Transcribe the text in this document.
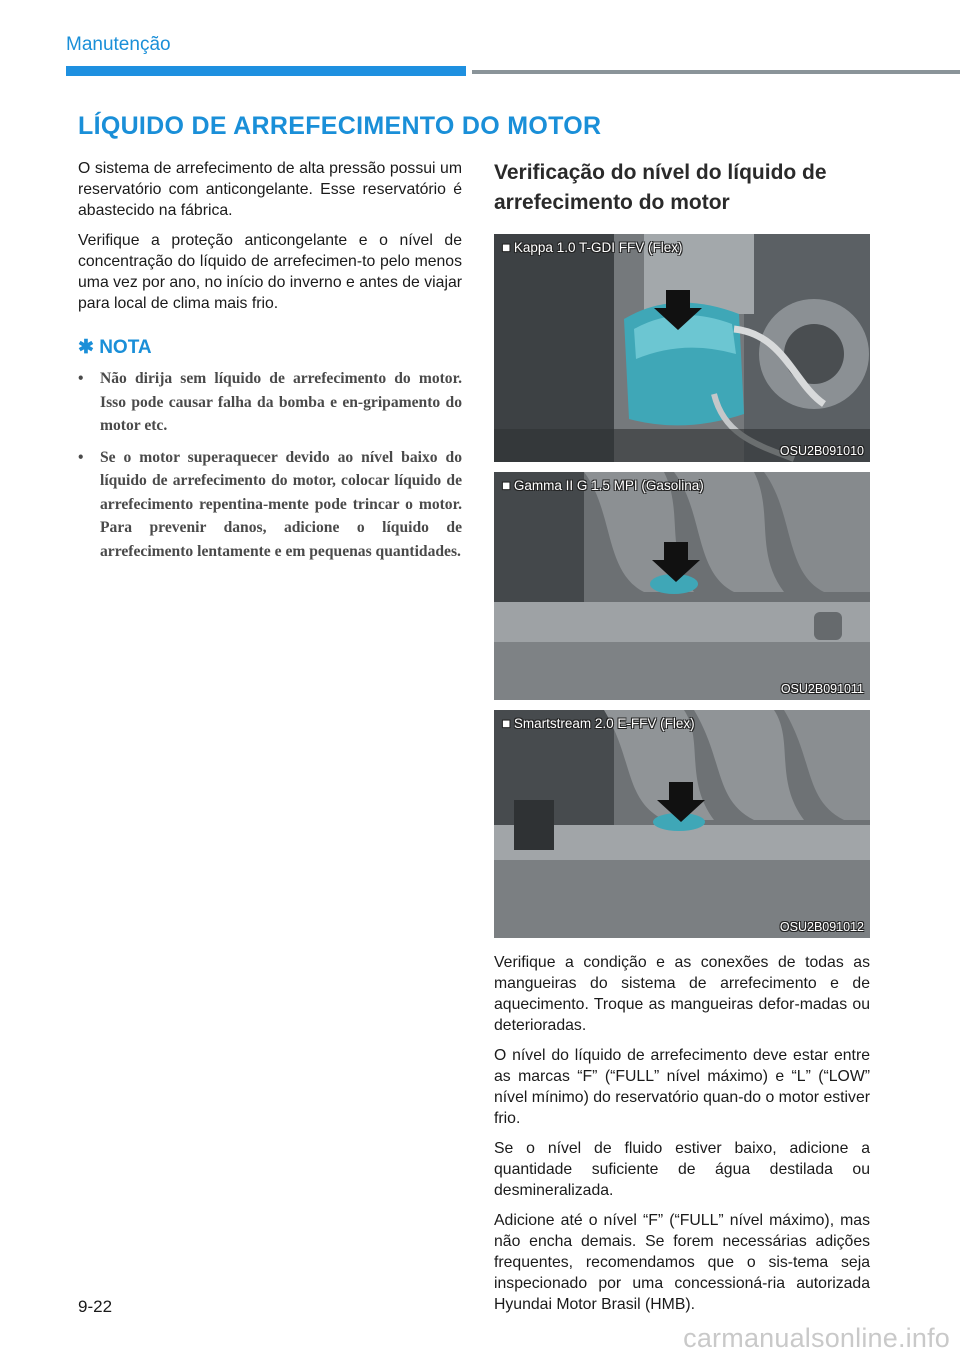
Manutenção
LÍQUIDO DE ARREFECIMENTO DO MOTOR

O sistema de arrefecimento de alta pressão possui um reservatório com anticongelante. Esse reservatório é abastecido na fábrica.

Verifique a proteção anticongelante e o nível de concentração do líquido de arrefecimen-to pelo menos uma vez por ano, no início do inverno e antes de viajar para local de clima mais frio.

✱ NOTA
• Não dirija sem líquido de arrefecimento do motor. Isso pode causar falha da bomba e en-gripamento do motor etc.
• Se o motor superaquecer devido ao nível baixo do líquido de arrefecimento do motor, colocar líquido de arrefecimento repentina-mente pode trincar o motor. Para prevenir danos, adicione o líquido de arrefecimento lentamente e em pequenas quantidades.
Verificação do nível do líquido de arrefecimento do motor
■ Kappa 1.0 T-GDI FFV (Flex)
OSU2B091010
■ Gamma II G 1.5 MPI (Gasolina)
OSU2B091011
■ Smartstream 2.0 E-FFV (Flex)
OSU2B091012

Verifique a condição e as conexões de todas as mangueiras do sistema de arrefecimento e de aquecimento. Troque as mangueiras defor-madas ou deterioradas.

O nível do líquido de arrefecimento deve estar entre as marcas “F” (“FULL” nível máximo) e “L” (“LOW” nível mínimo) do reservatório quan-do o motor estiver frio.

Se o nível de fluido estiver baixo, adicione a quantidade suficiente de água destilada ou desmineralizada.

Adicione até o nível “F” (“FULL” nível máximo), mas não encha demais. Se forem necessárias adições frequentes, recomendamos que o sis-tema seja inspecionado por uma concessioná-ria autorizada Hyundai Motor Brasil (HMB).

9-22
carmanualsonline.info
